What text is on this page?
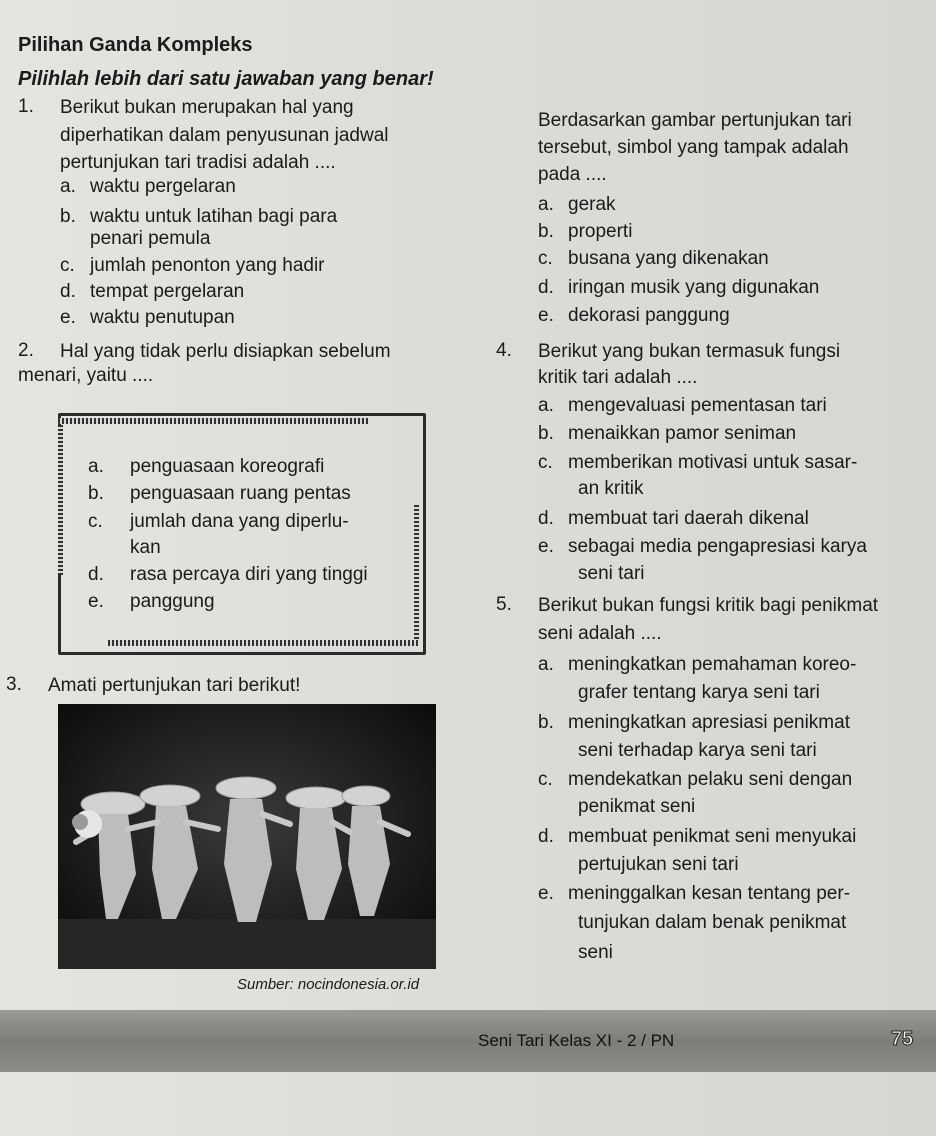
Pilihan Ganda Kompleks
Pilihlah lebih dari satu jawaban yang benar!
1. Berikut bukan merupakan hal yang
diperhatikan dalam penyusunan jadwal
pertunjukan tari tradisi adalah ....
a. waktu pergelaran
b. waktu untuk latihan bagi para
penari pemula
c. jumlah penonton yang hadir
d. tempat pergelaran
e. waktu penutupan
2. Hal yang tidak perlu disiapkan sebelum
menari, yaitu ....
a. penguasaan koreografi
b. penguasaan ruang pentas
c. jumlah dana yang diperlu-
kan
d. rasa percaya diri yang tinggi
e. panggung
3. Amati pertunjukan tari berikut!
Sumber: nocindonesia.or.id
Berdasarkan gambar pertunjukan tari
tersebut, simbol yang tampak adalah
pada ....
a. gerak
b. properti
c. busana yang dikenakan
d. iringan musik yang digunakan
e. dekorasi panggung
4. Berikut yang bukan termasuk fungsi
kritik tari adalah ....
a. mengevaluasi pementasan tari
b. menaikkan pamor seniman
c. memberikan motivasi untuk sasar-
an kritik
d. membuat tari daerah dikenal
e. sebagai media pengapresiasi karya
seni tari
5. Berikut bukan fungsi kritik bagi penikmat
seni adalah ....
a. meningkatkan pemahaman koreo-
grafer tentang karya seni tari
b. meningkatkan apresiasi penikmat
seni terhadap karya seni tari
c. mendekatkan pelaku seni dengan
penikmat seni
d. membuat penikmat seni menyukai
pertujukan seni tari
e. meninggalkan kesan tentang per-
tunjukan dalam benak penikmat
seni
Seni Tari Kelas XI - 2 / PN	75
